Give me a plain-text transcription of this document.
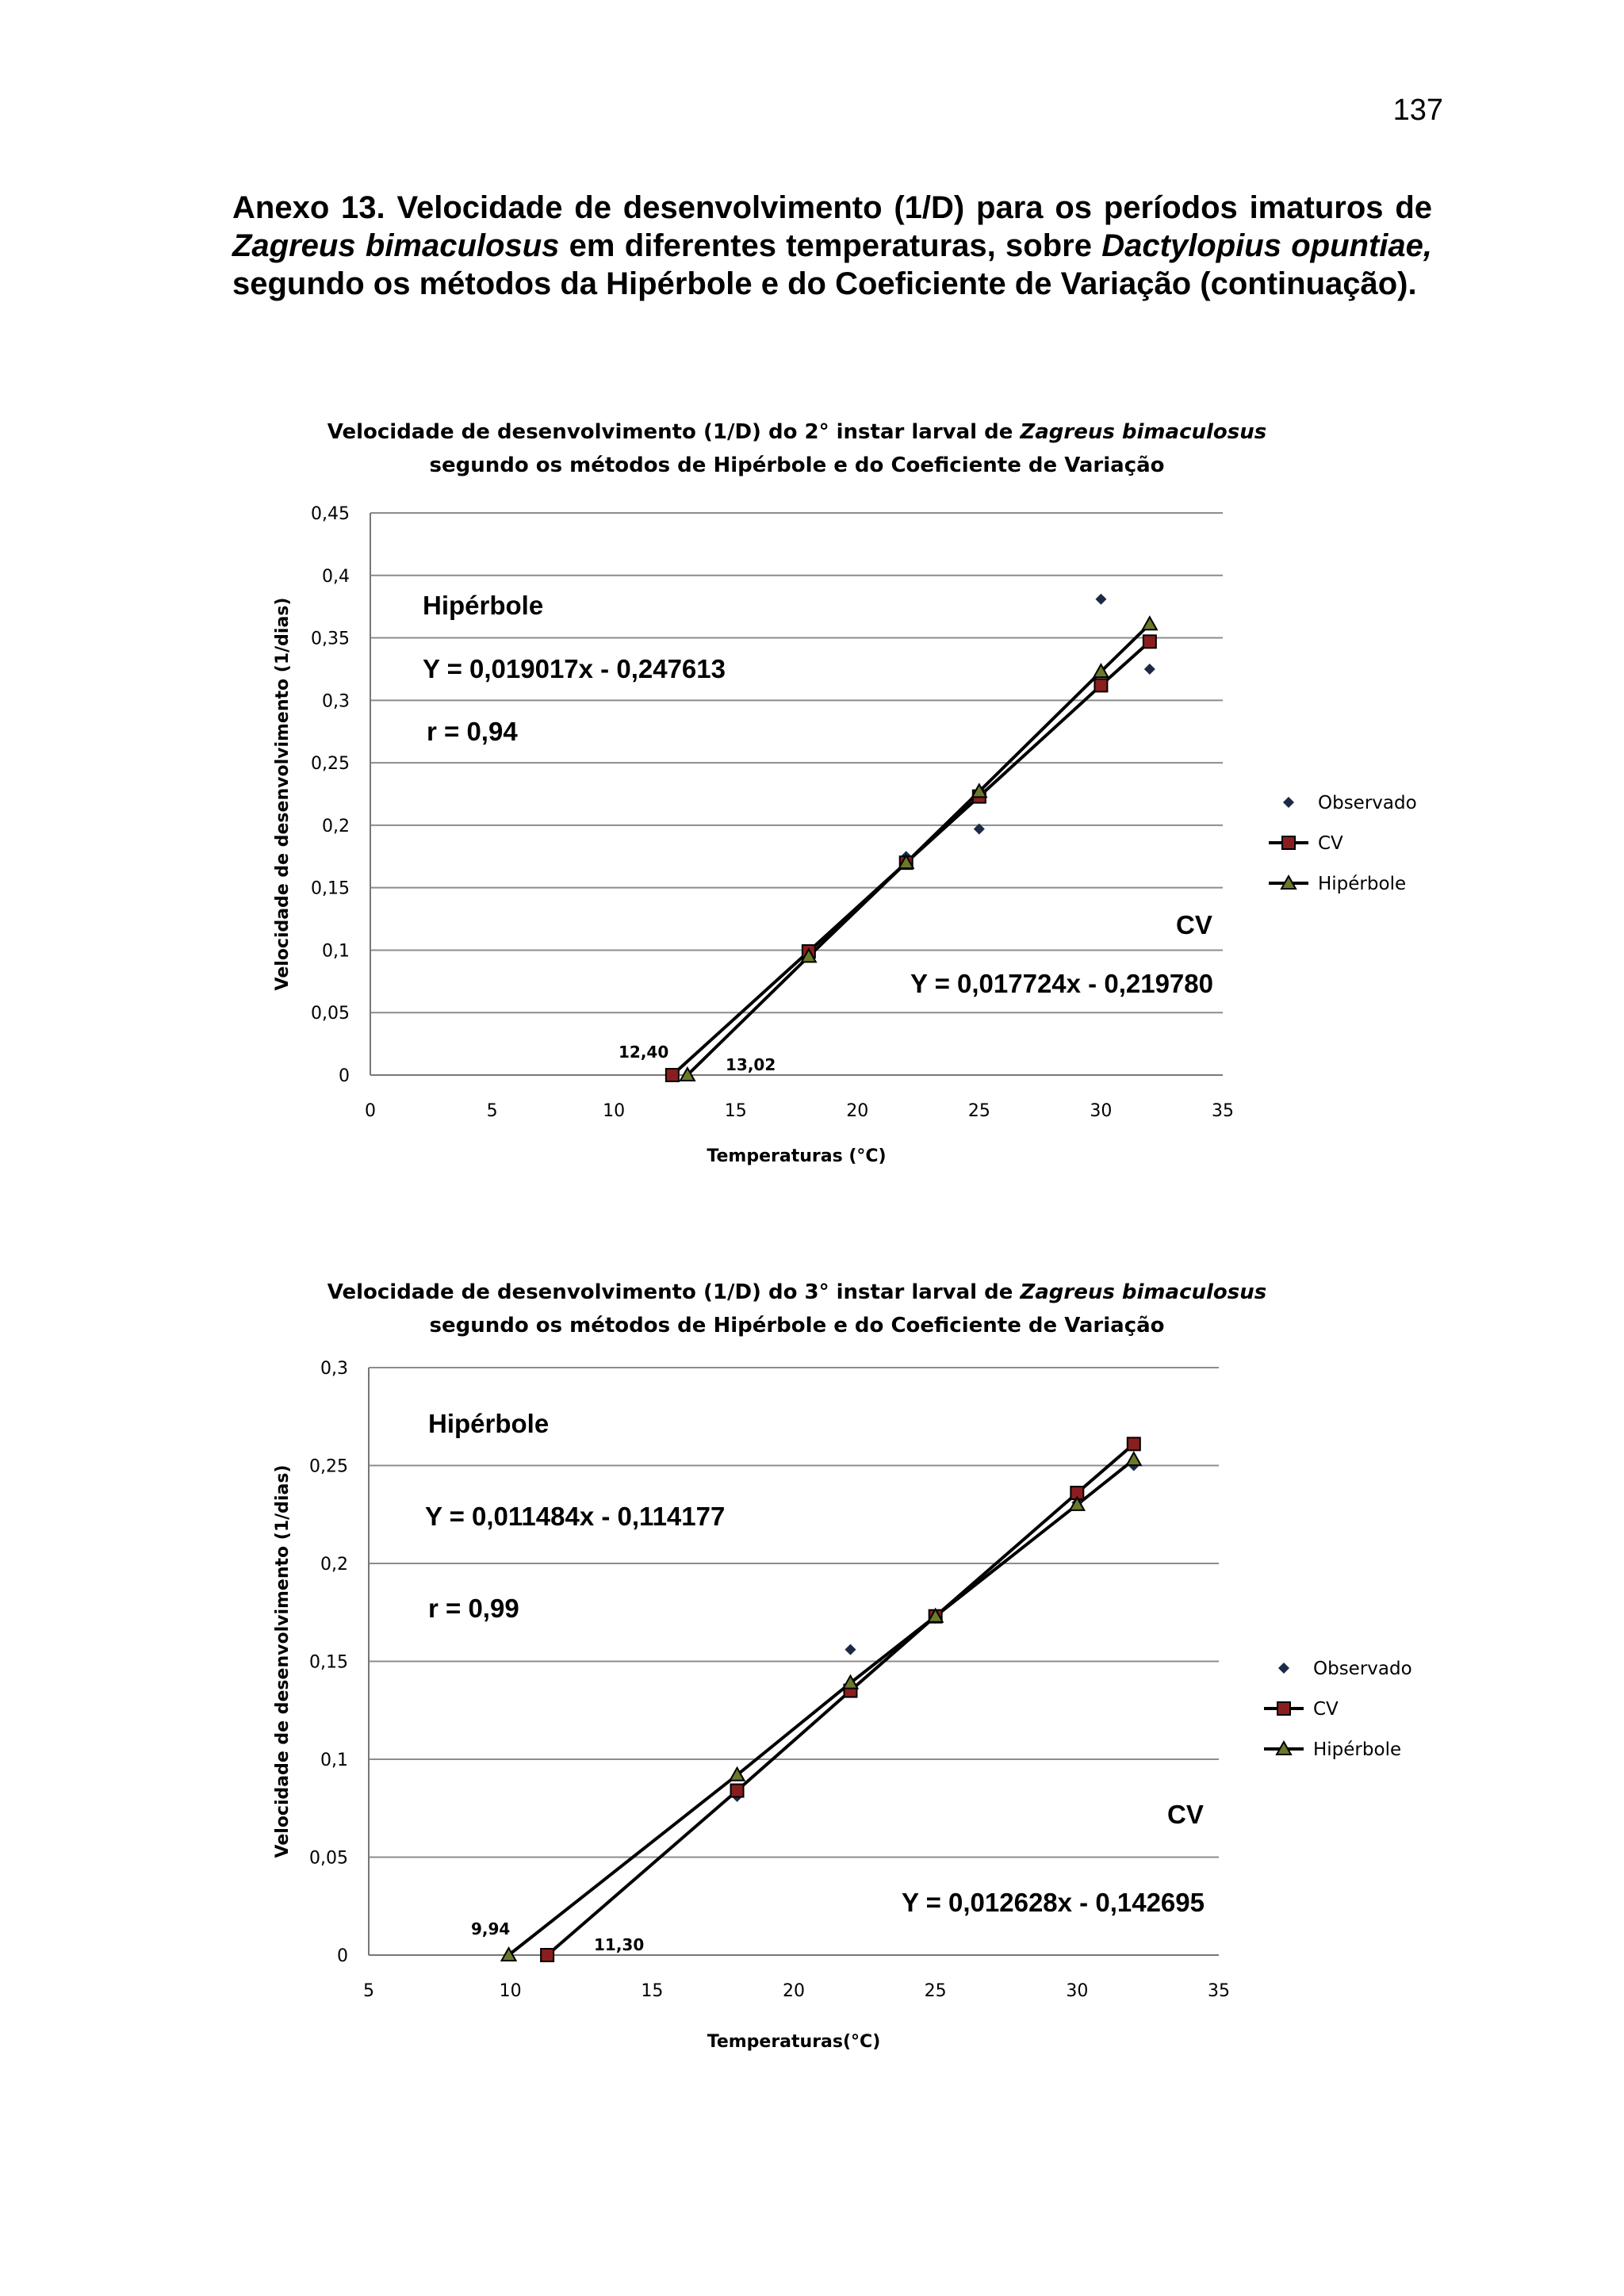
137
Anexo 13. Velocidade de desenvolvimento (1/D) para os períodos imaturos de Zagreus bimaculosus em diferentes temperaturas, sobre Dactylopius opuntiae, segundo os métodos da Hipérbole e do Coeficiente de Variação (continuação).
Velocidade de desenvolvimento (1/D) do 2° instar larval de Zagreus bimaculosus
segundo os métodos de Hipérbole e do Coeficiente de Variação
0
0,05
0,1
0,15
0,2
0,25
0,3
0,35
0,4
0,45
0	5	10	15	20	25	30	35
Temperaturas (°C)
Velocidade de desenvolvimento (1/dias)	Hipérbole
Y = 0,019017x - 0,247613
r = 0,94
CV
Y = 0,017724x - 0,219780
12,40
13,02
Observado
CV
Hipérbole
Velocidade de desenvolvimento (1/D) do 3° instar larval de Zagreus bimaculosus
segundo os métodos de Hipérbole e do Coeficiente de Variação
0
0,05
0,1
0,15
0,2
0,25
0,3
5	10	15	20	25	30	35
Temperaturas(°C)
Velocidade de desenvolvimento (1/dias)
Hipérbole
Y = 0,011484x - 0,114177
r = 0,99
CV
Y = 0,012628x - 0,142695
11,30
9,94
Observado
CV
Hipérbole
